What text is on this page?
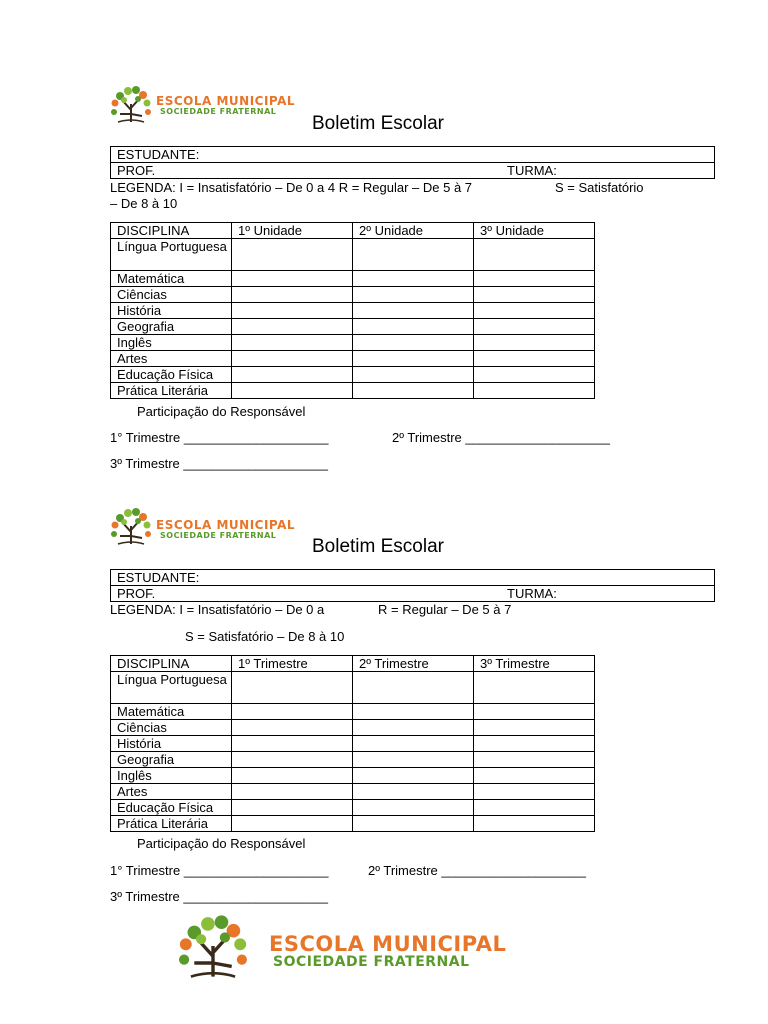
ESCOLA MUNICIPAL
SOCIEDADE FRATERNAL
Boletim Escolar
ESTUDANTE:
PROF.	TURMA:
LEGENDA: I = Insatisfatório – De 0 a 4 R = Regular – De 5 à 7	S = Satisfatório
– De 8 à 10
DISCIPLINA	1º Unidade	2º Unidade	3º Unidade
Língua Portuguesa			
Matemática			
Ciências			
História			
Geografia			
Inglês			
Artes			
Educação Física			
Prática Literária			
Participação do Responsável
1° Trimestre ____________________	2º Trimestre ____________________
3º Trimestre ____________________
ESCOLA MUNICIPAL
SOCIEDADE FRATERNAL
Boletim Escolar
ESTUDANTE:
PROF.	TURMA:
LEGENDA: I = Insatisfatório – De 0 a	R = Regular – De 5 à 7
S = Satisfatório – De 8 à 10
DISCIPLINA	1º Trimestre	2º Trimestre	3º Trimestre
Língua Portuguesa			
Matemática			
Ciências			
História			
Geografia			
Inglês			
Artes			
Educação Física			
Prática Literária			
Participação do Responsável
1° Trimestre ____________________	2º Trimestre ____________________
3º Trimestre ____________________
ESCOLA MUNICIPAL
SOCIEDADE FRATERNAL
